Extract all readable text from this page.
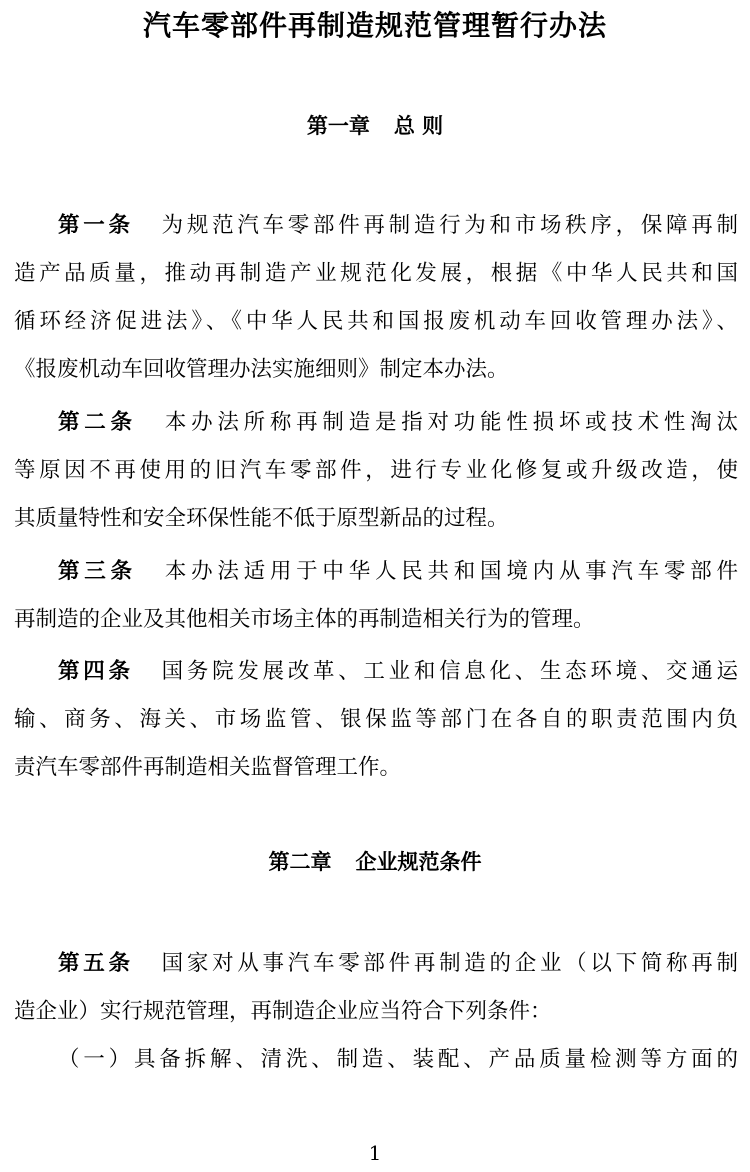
汽车零部件再制造规范管理暂行办法
第一章 总 则
第一条 为规范汽车零部件再制造行为和市场秩序，保障再制
造产品质量，推动再制造产业规范化发展，根据《中华人民共和国
循环经济促进法》、《中华人民共和国报废机动车回收管理办法》、
《报废机动车回收管理办法实施细则》制定本办法。
第二条 本办法所称再制造是指对功能性损坏或技术性淘汰
等原因不再使用的旧汽车零部件，进行专业化修复或升级改造，使
其质量特性和安全环保性能不低于原型新品的过程。
第三条 本办法适用于中华人民共和国境内从事汽车零部件
再制造的企业及其他相关市场主体的再制造相关行为的管理。
第四条 国务院发展改革、工业和信息化、生态环境、交通运
输、商务、海关、市场监管、银保监等部门在各自的职责范围内负
责汽车零部件再制造相关监督管理工作。
第二章 企业规范条件
第五条 国家对从事汽车零部件再制造的企业（以下简称再制
造企业）实行规范管理，再制造企业应当符合下列条件：
（一）具备拆解、清洗、制造、装配、产品质量检测等方面的
1
